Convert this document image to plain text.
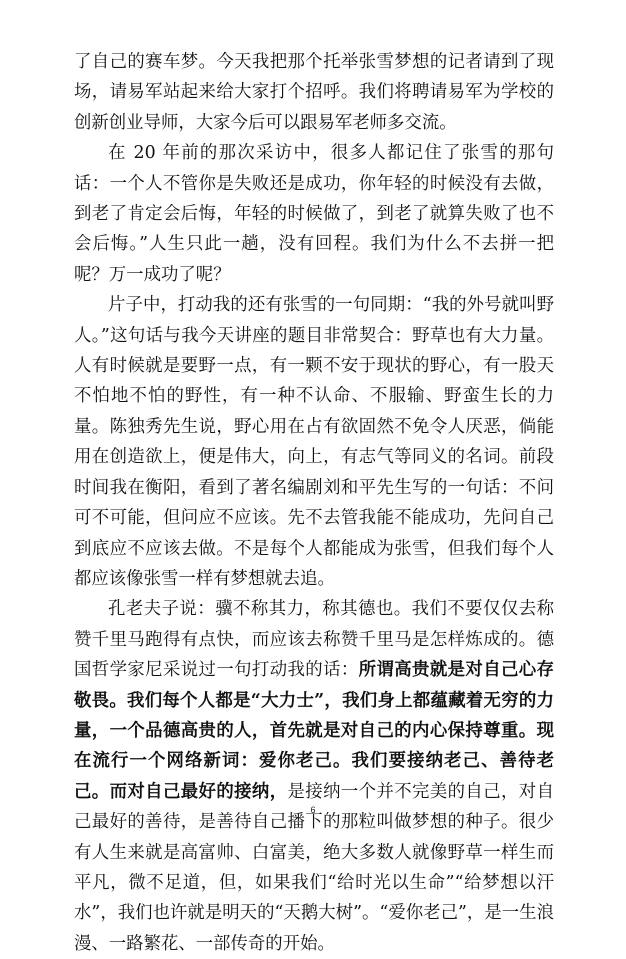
了自己的赛车梦。今天我把那个托举张雪梦想的记者请到了现场，请易军站起来给大家打个招呼。我们将聘请易军为学校的创新创业导师，大家今后可以跟易军老师多交流。

在 20 年前的那次采访中，很多人都记住了张雪的那句话：一个人不管你是失败还是成功，你年轻的时候没有去做，到老了肯定会后悔，年轻的时候做了，到老了就算失败了也不会后悔。”人生只此一趟，没有回程。我们为什么不去拼一把呢？万一成功了呢？

片子中，打动我的还有张雪的一句同期：“我的外号就叫野人。”这句话与我今天讲座的题目非常契合：野草也有大力量。人有时候就是要野一点，有一颗不安于现状的野心，有一股天不怕地不怕的野性，有一种不认命、不服输、野蛮生长的力量。陈独秀先生说，野心用在占有欲固然不免令人厌恶，倘能用在创造欲上，便是伟大，向上，有志气等同义的名词。前段时间我在衡阳，看到了著名编剧刘和平先生写的一句话：不问可不可能，但问应不应该。先不去管我能不能成功，先问自己到底应不应该去做。不是每个人都能成为张雪，但我们每个人都应该像张雪一样有梦想就去追。

孔老夫子说：骥不称其力，称其德也。我们不要仅仅去称赞千里马跑得有点快，而应该去称赞千里马是怎样炼成的。德国哲学家尼采说过一句打动我的话：所谓高贵就是对自己心存敬畏。我们每个人都是“大力士”，我们身上都蕴藏着无穷的力量，一个品德高贵的人，首先就是对自己的内心保持尊重。现在流行一个网络新词：爱你老己。我们要接纳老己、善待老己。而对自己最好的接纳，是接纳一个并不完美的自己，对自己最好的善待，是善待自己播下的那粒叫做梦想的种子。很少有人生来就是高富帅、白富美，绝大多数人就像野草一样生而平凡，微不足道，但，如果我们“给时光以生命”“给梦想以汗水”，我们也许就是明天的“天鹅大树”。“爱你老己”，是一生浪漫、一路繁花、一部传奇的开始。

6
